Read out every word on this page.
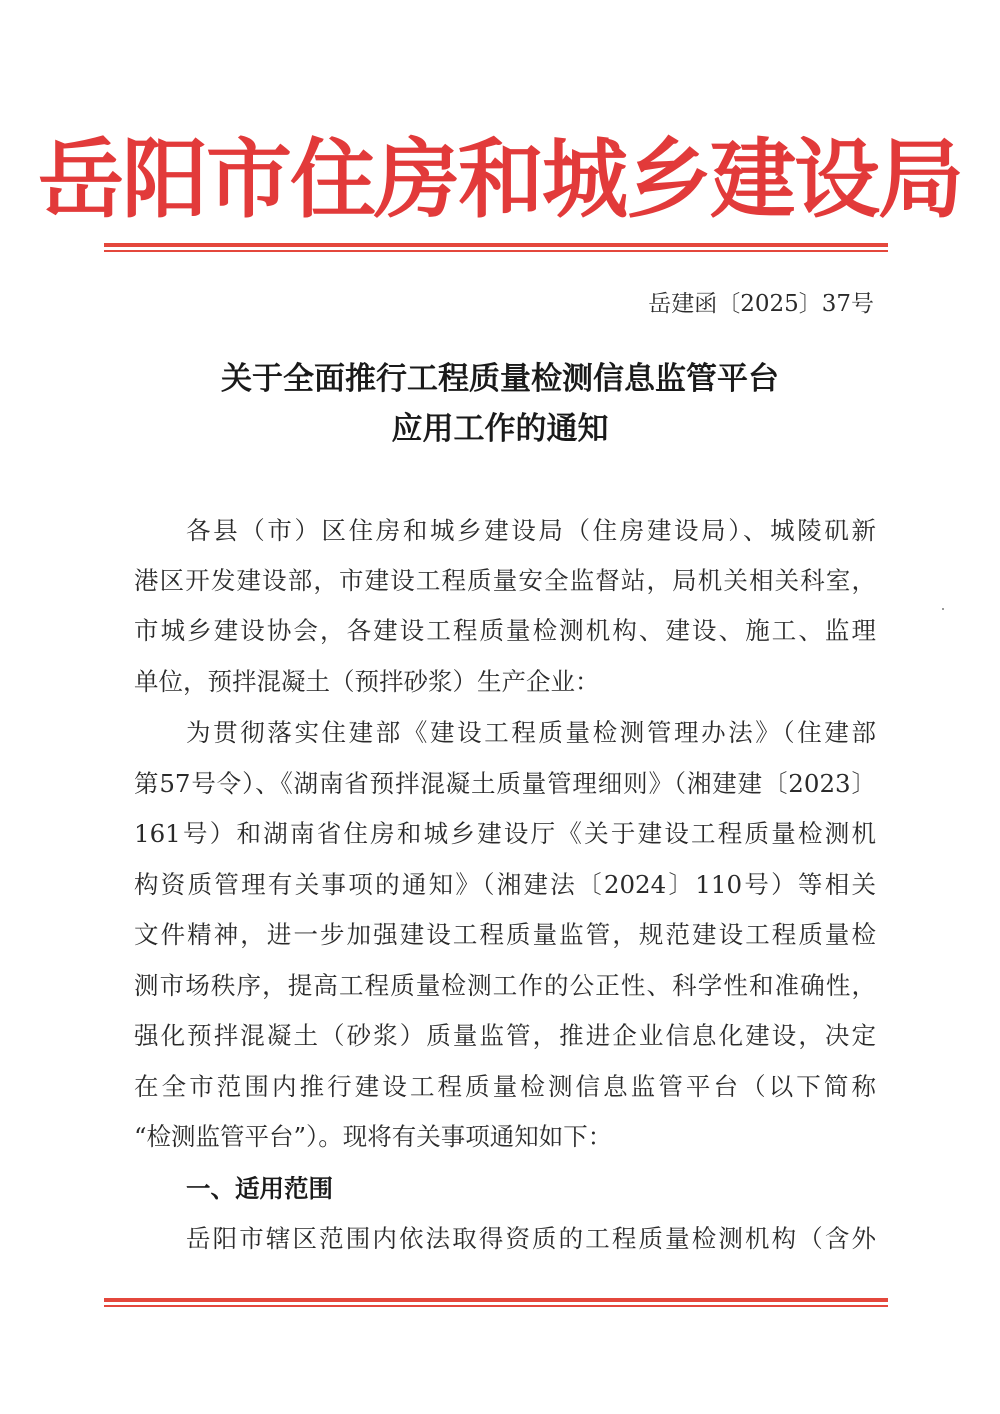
岳阳市住房和城乡建设局
岳建函〔2025〕37号
关于全面推行工程质量检测信息监管平台
应用工作的通知
各县（市）区住房和城乡建设局（住房建设局）、城陵矶新
港区开发建设部，市建设工程质量安全监督站，局机关相关科室，
市城乡建设协会，各建设工程质量检测机构、建设、施工、监理
单位，预拌混凝土（预拌砂浆）生产企业：
为贯彻落实住建部《建设工程质量检测管理办法》（住建部
第57号令）、《湖南省预拌混凝土质量管理细则》（湘建建〔2023〕
161号）和湖南省住房和城乡建设厅《关于建设工程质量检测机
构资质管理有关事项的通知》（湘建法〔2024〕110号）等相关
文件精神，进一步加强建设工程质量监管，规范建设工程质量检
测市场秩序，提高工程质量检测工作的公正性、科学性和准确性，
强化预拌混凝土（砂浆）质量监管，推进企业信息化建设，决定
在全市范围内推行建设工程质量检测信息监管平台（以下简称
“检测监管平台”）。现将有关事项通知如下：
一、适用范围
岳阳市辖区范围内依法取得资质的工程质量检测机构（含外
